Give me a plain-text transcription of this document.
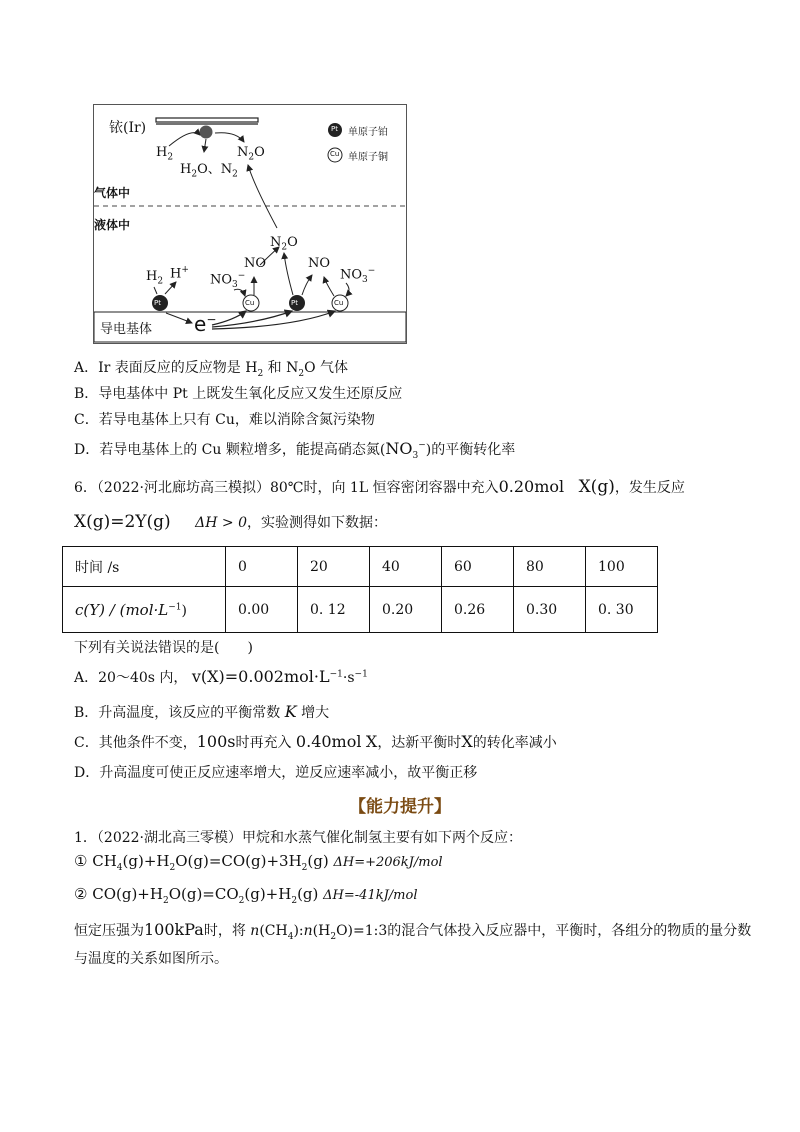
铱(Ir)	Pt 单原子铂
Cu 单原子铜
$H_2$
$H_2O$、$N_2$
$N_2O$
气体中
液体中
$N_2O$
NO	NO
$NO_3^-$	$NO_3^-$
$H_2$
H+
Pt	Cu	Pt	Cu
导电基体 e−
A．Ir 表面反应的反应物是 $H_2$ 和 $N_2O$ 气体
B．导电基体中 Pt 上既发生氧化反应又发生还原反应
C．若导电基体上只有 Cu，难以消除含氮污染物
D．若导电基体上的 Cu 颗粒增多，能提高硝态氮$(NO_3^-)$的平衡转化率
6．（2022·河北廊坊高三模拟）80℃时，向 1L 恒容密闭容器中充入0.20mol X(g)，发生反应
X(g)=2Y(g) ΔH > 0，实验测得如下数据：
时间 /s	0	20	40	60	80	100
$c(Y) / (mol\cdot L^{-1})$	0.00	0. 12	0.20	0.26	0.30	0. 30
下列有关说法错误的是(　　)
A．20～40s 内， $v(X)=0.002mol\cdot L^{-1}\cdot s^{-1}$
B．升高温度，该反应的平衡常数 K 增大
C．其他条件不变，100s时再充入 0.40mol X，达新平衡时X的转化率减小
D．升高温度可使正反应速率增大，逆反应速率减小，故平衡正移
【能力提升】
1．（2022·湖北高三零模）甲烷和水蒸气催化制氢主要有如下两个反应：
① $CH_4(g)+H_2O(g)=CO(g)+3H_2(g)$ ΔH=+206kJ/mol
② $CO(g)+H_2O(g)=CO_2(g)+H_2(g)$ ΔH=-41kJ/mol
恒定压强为100kPa时，将 $n(CH_4):n(H_2O)=1:3$的混合气体投入反应器中，平衡时，各组分的物质的量分数
与温度的关系如图所示。
